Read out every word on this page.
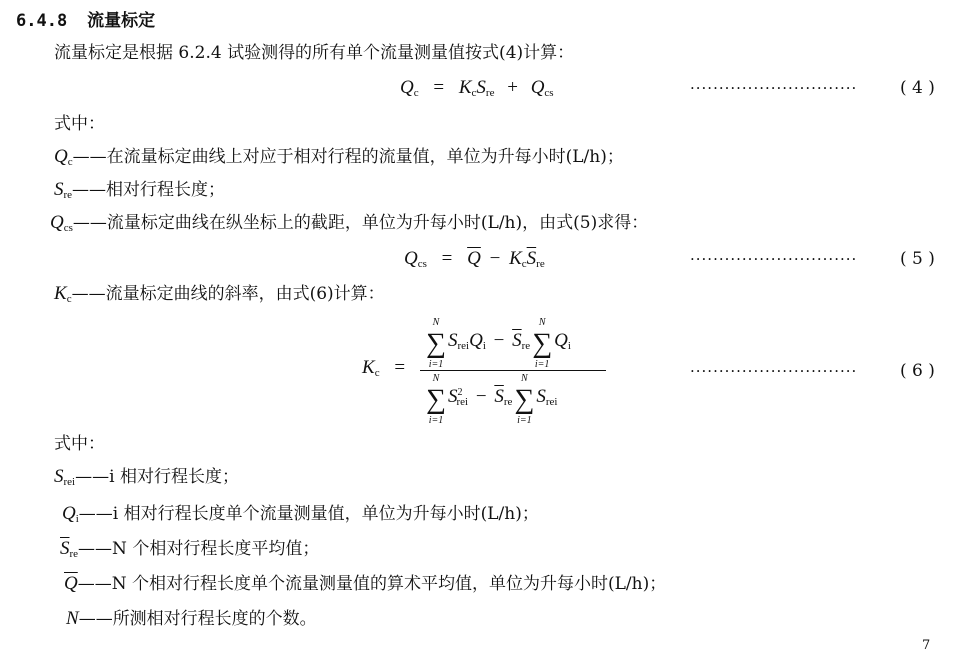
6.4.8 流量标定
流量标定是根据 6.2.4 试验测得的所有单个流量测量值按式(4)计算：
$Q_c = K_cS_{re} + Q_{cs}$	·····························	( 4 )
式中：
$Q_c——$在流量标定曲线上对应于相对行程的流量值，单位为升每小时(L/h)；
$S_{re}——$相对行程长度；
$Q_{cs}——$流量标定曲线在纵坐标上的截距，单位为升每小时(L/h)，由式(5)求得：
$Q_{cs} = \overline{Q} - K_c\overline{S}_{re}$	·····························	( 5 )
$K_c——$流量标定曲线的斜率，由式(6)计算：
$K_c$ =
N
∑
i=1
$S_{rei}Q_i - \overline{S}_{re}$
N
∑
i=1
$Q_i$
N
∑
i=1
$S^2_{rei} - \overline{S}_{re}$
N
∑
i=1
$S_{rei}$
·····························	( 6 )
式中：
$S_{rei}——i$ 相对行程长度；
$Q_i——i$ 相对行程长度单个流量测量值，单位为升每小时(L/h)；
$\overline{S}_{re}——N$ 个相对行程长度平均值；
$\overline{Q}——N$ 个相对行程长度单个流量测量值的算术平均值，单位为升每小时(L/h)；
N——所测相对行程长度的个数。
7
